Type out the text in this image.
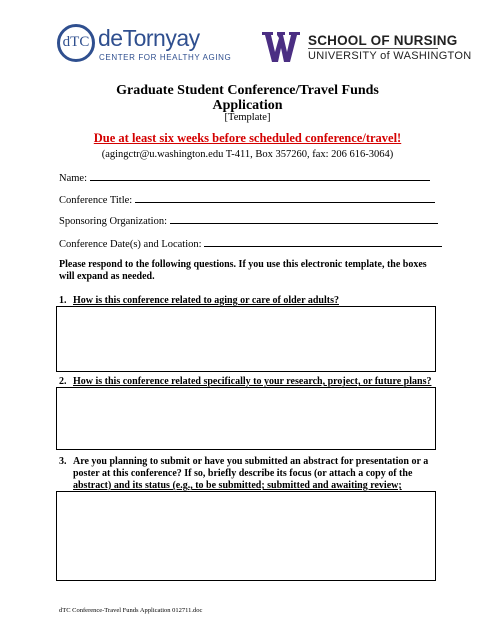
dTC deTornyay
CENTER FOR HEALTHY AGING
SCHOOL OF NURSING
UNIVERSITY of WASHINGTON
Graduate Student Conference/Travel Funds
Application
[Template]
Due at least six weeks before scheduled conference/travel!
(agingctr@u.washington.edu T-411, Box 357260, fax: 206 616-3064)
Name:
Conference Title:
Sponsoring Organization:
Conference Date(s) and Location:
Please respond to the following questions. If you use this electronic template, the boxes will expand as needed.
1. How is this conference related to aging or care of older adults?
2. How is this conference related specifically to your research, project, or future plans?
3. Are you planning to submit or have you submitted an abstract for presentation or a
poster at this conference? If so, briefly describe its focus (or attach a copy of the
abstract) and its status (e.g., to be submitted; submitted and awaiting review;
dTC Conference-Travel Funds Application 012711.doc
